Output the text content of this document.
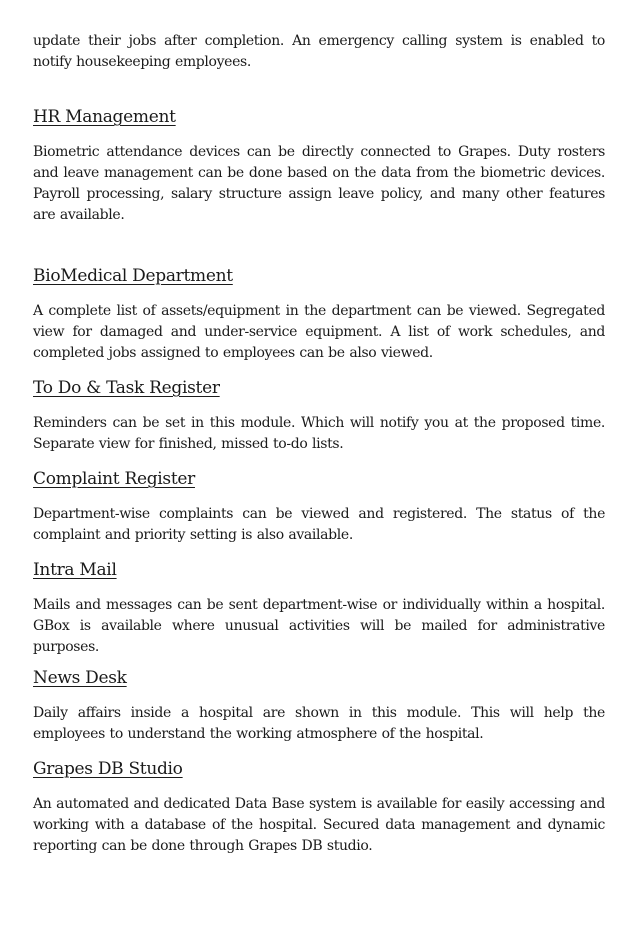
update their jobs after completion. An emergency calling system is enabled to notify housekeeping employees.

HR Management

Biometric attendance devices can be directly connected to Grapes. Duty rosters and leave management can be done based on the data from the biometric devices. Payroll processing, salary structure assign leave policy, and many other features are available.

BioMedical Department

A complete list of assets/equipment in the department can be viewed. Segregated view for damaged and under-service equipment. A list of work schedules, and completed jobs assigned to employees can be also viewed.

To Do & Task Register

Reminders can be set in this module. Which will notify you at the proposed time. Separate view for finished, missed to-do lists.

Complaint Register

Department-wise complaints can be viewed and registered. The status of the complaint and priority setting is also available.

Intra Mail

Mails and messages can be sent department-wise or individually within a hospital. GBox is available where unusual activities will be mailed for administrative purposes.

News Desk

Daily affairs inside a hospital are shown in this module. This will help the employees to understand the working atmosphere of the hospital.

Grapes DB Studio

An automated and dedicated Data Base system is available for easily accessing and working with a database of the hospital. Secured data management and dynamic reporting can be done through Grapes DB studio.
